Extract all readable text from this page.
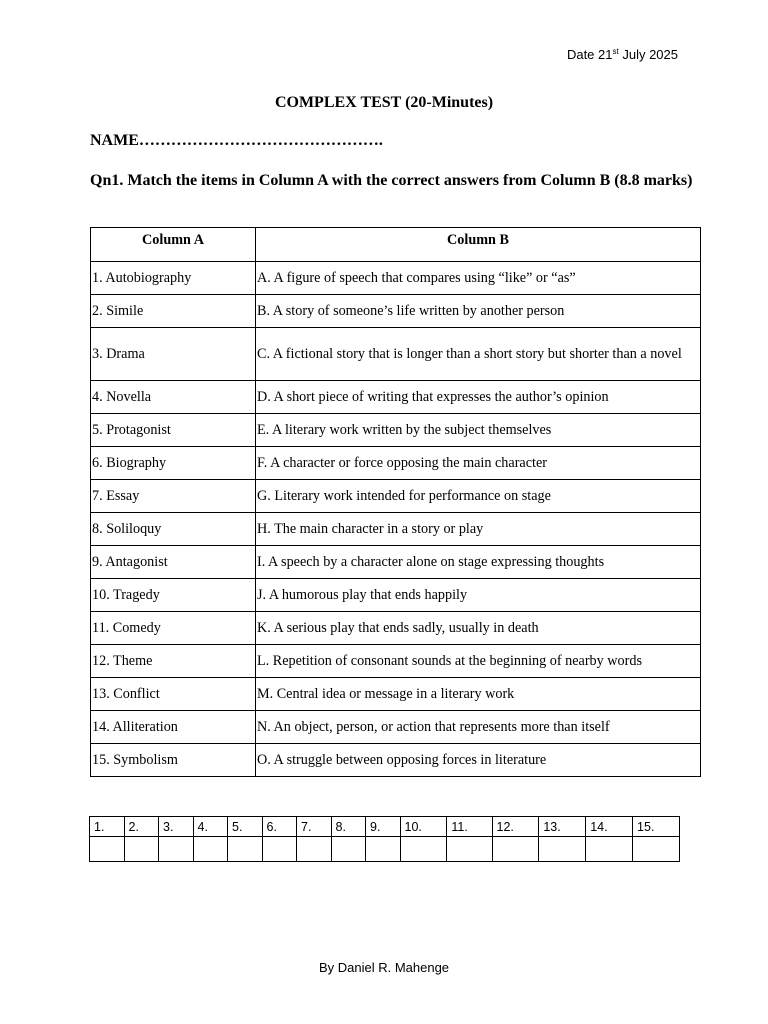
Date 21st July 2025
COMPLEX TEST (20-Minutes)
NAME……………………………………….
Qn1. Match the items in Column A with the correct answers from Column B (8.8 marks)
Column A	Column B
1. Autobiography	A. A figure of speech that compares using “like” or “as”
2. Simile	B. A story of someone’s life written by another person
3. Drama	C. A fictional story that is longer than a short story but shorter than a novel
4. Novella	D. A short piece of writing that expresses the author’s opinion
5. Protagonist	E. A literary work written by the subject themselves
6. Biography	F. A character or force opposing the main character
7. Essay	G. Literary work intended for performance on stage
8. Soliloquy	H. The main character in a story or play
9. Antagonist	I. A speech by a character alone on stage expressing thoughts
10. Tragedy	J. A humorous play that ends happily
11. Comedy	K. A serious play that ends sadly, usually in death
12. Theme	L. Repetition of consonant sounds at the beginning of nearby words
13. Conflict	M. Central idea or message in a literary work
14. Alliteration	N. An object, person, or action that represents more than itself
15. Symbolism	O. A struggle between opposing forces in literature
1.	2.	3.	4.	5.	6.	7.	8.	9.	10.	11.	12.	13.	14.	15.

By Daniel R. Mahenge
